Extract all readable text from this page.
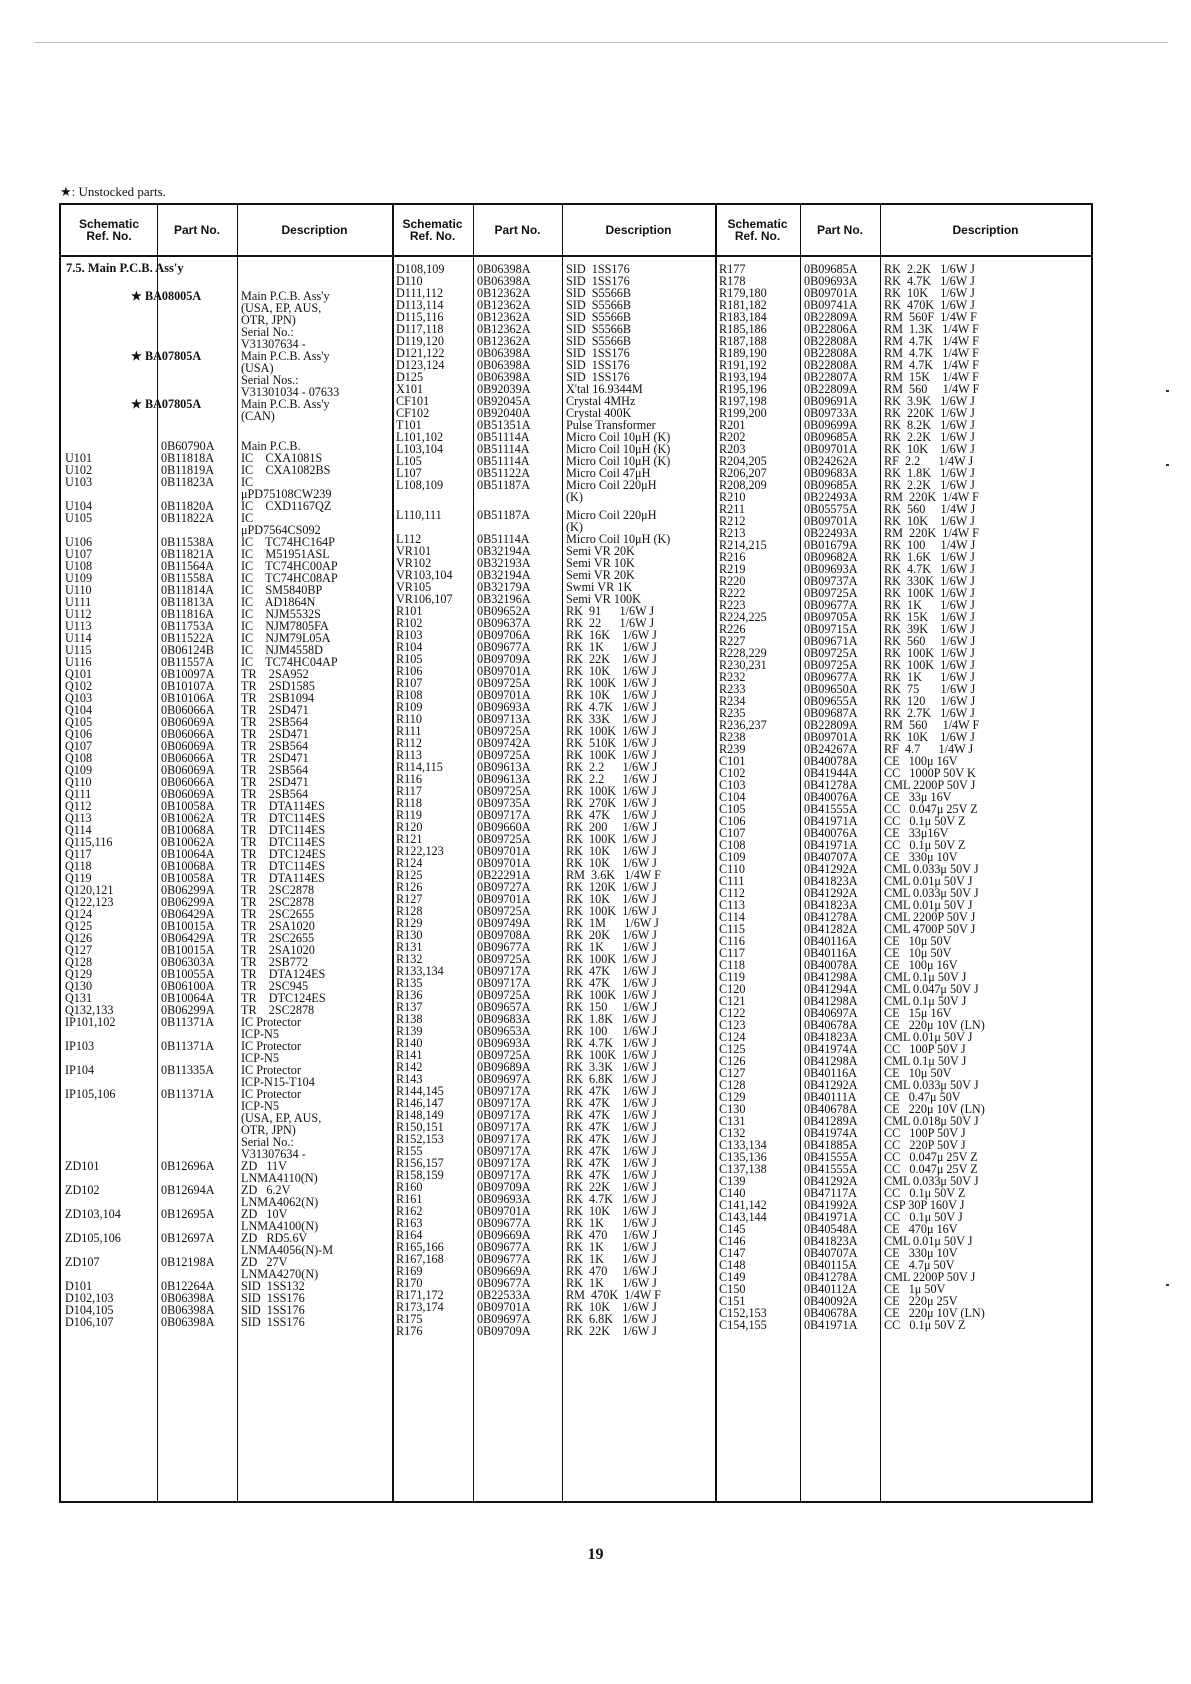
★: Unstocked parts.
Schematic
Ref. No.	Part No.	Description	Schematic
Ref. No.	Part No.	Description	Schematic
Ref. No.	Part No.	Description
7.5. Main P.C.B. Ass'y
★ BA08005A	Main P.C.B. Ass'y
(USA, EP, AUS,
OTR, JPN)
Serial No.:
V31307634 -
★ BA07805A	Main P.C.B. Ass'y
(USA)
Serial Nos.:
V31301034 - 07633
★ BA07805A	Main P.C.B. Ass'y
(CAN)
0B60790A Main P.C.B.
U101	0B11818A IC    CXA1081S
U102	0B11819A IC    CXA1082BS
U103	0B11823A IC
μPD75108CW239
U104	0B11820A IC    CXD1167QZ
U105	0B11822A IC
μPD7564CS092
U106	0B11538A IC    TC74HC164P
U107	0B11821A IC    M51951ASL
U108	0B11564A IC    TC74HC00AP
U109	0B11558A IC    TC74HC08AP
U110	0B11814A IC    SM5840BP
U111	0B11813A IC    AD1864N
U112	0B11816A IC    NJM5532S
U113	0B11753A IC    NJM7805FA
U114	0B11522A IC    NJM79L05A
U115	0B06124B IC    NJM4558D
U116	0B11557A IC    TC74HC04AP
Q101	0B10097A TR    2SA952
Q102	0B10107A TR    2SD1585
Q103	0B10106A TR    2SB1094
Q104	0B06066A TR    2SD471
Q105	0B06069A TR    2SB564
Q106	0B06066A TR    2SD471
Q107	0B06069A TR    2SB564
Q108	0B06066A TR    2SD471
Q109	0B06069A TR    2SB564
Q110	0B06066A TR    2SD471
Q111	0B06069A TR    2SB564
Q112	0B10058A TR    DTA114ES
Q113	0B10062A TR    DTC114ES
Q114	0B10068A TR    DTC114ES
Q115,116	0B10062A TR    DTC114ES
Q117	0B10064A TR    DTC124ES
Q118	0B10068A TR    DTC114ES
Q119	0B10058A TR    DTA114ES
Q120,121	0B06299A TR    2SC2878
Q122,123	0B06299A TR    2SC2878
Q124	0B06429A TR    2SC2655
Q125	0B10015A TR    2SA1020
Q126	0B06429A TR    2SC2655
Q127	0B10015A TR    2SA1020
Q128	0B06303A TR    2SB772
Q129	0B10055A TR    DTA124ES
Q130	0B06100A TR    2SC945
Q131	0B10064A TR    DTC124ES
Q132,133	0B06299A TR    2SC2878
IP101,102	0B11371A IC Protector
ICP-N5
IP103	0B11371A IC Protector
ICP-N5
IP104	0B11335A IC Protector
ICP-N15-T104
IP105,106	0B11371A IC Protector
ICP-N5
(USA, EP, AUS,
OTR, JPN)
Serial No.:
V31307634 -
ZD101	0B12696A ZD   11V
LNMA4110(N)
ZD102	0B12694A ZD   6.2V
LNMA4062(N)
ZD103,104	0B12695A ZD   10V
LNMA4100(N)
ZD105,106	0B12697A ZD   RD5.6V
LNMA4056(N)-M
ZD107	0B12198A ZD   27V
LNMA4270(N)
D101	0B12264A SID  1SS132
D102,103	0B06398A SID  1SS176
D104,105	0B06398A SID  1SS176
D106,107	0B06398A SID  1SS176
D108,109	0B06398A	SID  1SS176
D110	0B06398A	SID  1SS176
D111,112	0B12362A	SID  S5566B
D113,114	0B12362A	SID  S5566B
D115,116	0B12362A	SID  S5566B
D117,118	0B12362A	SID  S5566B
D119,120	0B12362A	SID  S5566B
D121,122	0B06398A	SID  1SS176
D123,124	0B06398A	SID  1SS176
D125	0B06398A	SID  1SS176
X101	0B92039A	X'tal 16.9344M
CF101	0B92045A	Crystal 4MHz
CF102	0B92040A	Crystal 400K
T101	0B51351A	Pulse Transformer
L101,102	0B51114A	Micro Coil 10μH (K)
L103,104	0B51114A	Micro Coil 10μH (K)
L105	0B51114A	Micro Coil 10μH (K)
L107	0B51122A	Micro Coil 47μH
L108,109	0B51187A	Micro Coil 220μH
(K)
L110,111	0B51187A	Micro Coil 220μH
(K)
L112	0B51114A	Micro Coil 10μH (K)
VR101	0B32194A	Semi VR 20K
VR102	0B32193A	Semi VR 10K
VR103,104 0B32194A	Semi VR 20K
VR105	0B32179A	Swmi VR 1K
VR106,107 0B32196A	Semi VR 100K
R101	0B09652A	RK  91      1/6W J
R102	0B09637A	RK  22      1/6W J
R103	0B09706A	RK  16K    1/6W J
R104	0B09677A	RK  1K      1/6W J
R105	0B09709A	RK  22K    1/6W J
R106	0B09701A	RK  10K    1/6W J
R107	0B09725A	RK  100K  1/6W J
R108	0B09701A	RK  10K    1/6W J
R109	0B09693A	RK  4.7K   1/6W J
R110	0B09713A	RK  33K    1/6W J
R111	0B09725A	RK  100K  1/6W J
R112	0B09742A	RK  510K  1/6W J
R113	0B09725A	RK  100K  1/6W J
R114,115	0B09613A	RK  2.2      1/6W J
R116	0B09613A	RK  2.2      1/6W J
R117	0B09725A	RK  100K  1/6W J
R118	0B09735A	RK  270K  1/6W J
R119	0B09717A	RK  47K    1/6W J
R120	0B09660A	RK  200     1/6W J
R121	0B09725A	RK  100K  1/6W J
R122,123	0B09701A	RK  10K    1/6W J
R124	0B09701A	RK  10K    1/6W J
R125	0B22291A	RM  3.6K   1/4W F
R126	0B09727A	RK  120K  1/6W J
R127	0B09701A	RK  10K    1/6W J
R128	0B09725A	RK  100K  1/6W J
R129	0B09749A	RK  1M      1/6W J
R130	0B09708A	RK  20K    1/6W J
R131	0B09677A	RK  1K      1/6W J
R132	0B09725A	RK  100K  1/6W J
R133,134	0B09717A	RK  47K    1/6W J
R135	0B09717A	RK  47K    1/6W J
R136	0B09725A	RK  100K  1/6W J
R137	0B09657A	RK  150     1/6W J
R138	0B09683A	RK  1.8K   1/6W J
R139	0B09653A	RK  100     1/6W J
R140	0B09693A	RK  4.7K   1/6W J
R141	0B09725A	RK  100K  1/6W J
R142	0B09689A	RK  3.3K   1/6W J
R143	0B09697A	RK  6.8K   1/6W J
R144,145	0B09717A	RK  47K    1/6W J
R146,147	0B09717A	RK  47K    1/6W J
R148,149	0B09717A	RK  47K    1/6W J
R150,151	0B09717A	RK  47K    1/6W J
R152,153	0B09717A	RK  47K    1/6W J
R155	0B09717A	RK  47K    1/6W J
R156,157	0B09717A	RK  47K    1/6W J
R158,159	0B09717A	RK  47K    1/6W J
R160	0B09709A	RK  22K    1/6W J
R161	0B09693A	RK  4.7K   1/6W J
R162	0B09701A	RK  10K    1/6W J
R163	0B09677A	RK  1K      1/6W J
R164	0B09669A	RK  470     1/6W J
R165,166	0B09677A	RK  1K      1/6W J
R167,168	0B09677A	RK  1K      1/6W J
R169	0B09669A	RK  470     1/6W J
R170	0B09677A	RK  1K      1/6W J
R171,172	0B22533A	RM  470K  1/4W F
R173,174	0B09701A	RK  10K    1/6W J
R175	0B09697A	RK  6.8K   1/6W J
R176	0B09709A	RK  22K    1/6W J
R177	0B09685A RK  2.2K   1/6W J
R178	0B09693A RK  4.7K   1/6W J
R179,180	0B09701A RK  10K    1/6W J
R181,182	0B09741A RK  470K  1/6W J
R183,184	0B22809A RM  560F  1/4W F
R185,186	0B22806A RM  1.3K   1/4W F
R187,188	0B22808A RM  4.7K   1/4W F
R189,190	0B22808A RM  4.7K   1/4W F
R191,192	0B22808A RM  4.7K   1/4W F
R193,194	0B22807A RM  15K    1/4W F
R195,196	0B22809A RM  560     1/4W F
R197,198	0B09691A RK  3.9K   1/6W J
R199,200	0B09733A RK  220K  1/6W J
R201	0B09699A RK  8.2K   1/6W J
R202	0B09685A RK  2.2K   1/6W J
R203	0B09701A RK  10K    1/6W J
R204,205	0B24262A RF  2.2      1/4W J
R206,207	0B09683A RK  1.8K   1/6W J
R208,209	0B09685A RK  2.2K   1/6W J
R210	0B22493A RM  220K  1/4W F
R211	0B05575A RK  560     1/4W J
R212	0B09701A RK  10K    1/6W J
R213	0B22493A RM  220K  1/4W F
R214,215	0B01679A RK  100     1/4W J
R216	0B09682A RK  1.6K   1/6W J
R219	0B09693A RK  4.7K   1/6W J
R220	0B09737A RK  330K  1/6W J
R222	0B09725A RK  100K  1/6W J
R223	0B09677A RK  1K      1/6W J
R224,225	0B09705A RK  15K    1/6W J
R226	0B09715A RK  39K    1/6W J
R227	0B09671A RK  560     1/6W J
R228,229	0B09725A RK  100K  1/6W J
R230,231	0B09725A RK  100K  1/6W J
R232	0B09677A RK  1K      1/6W J
R233	0B09650A RK  75       1/6W J
R234	0B09655A RK  120     1/6W J
R235	0B09687A RK  2.7K   1/6W J
R236,237	0B22809A RM  560     1/4W F
R238	0B09701A RK  10K    1/6W J
R239	0B24267A RF  4.7      1/4W J
C101	0B40078A CE   100μ 16V
C102	0B41944A CC   1000P 50V K
C103	0B41278A CML 2200P 50V J
C104	0B40076A CE   33μ 16V
C105	0B41555A CC   0.047μ 25V Z
C106	0B41971A CC   0.1μ 50V Z
C107	0B40076A CE   33μ16V
C108	0B41971A CC   0.1μ 50V Z
C109	0B40707A CE   330μ 10V
C110	0B41292A CML 0.033μ 50V J
C111	0B41823A CML 0.01μ 50V J
C112	0B41292A CML 0.033μ 50V J
C113	0B41823A CML 0.01μ 50V J
C114	0B41278A CML 2200P 50V J
C115	0B41282A CML 4700P 50V J
C116	0B40116A CE   10μ 50V
C117	0B40116A CE   10μ 50V
C118	0B40078A CE   100μ 16V
C119	0B41298A CML 0.1μ 50V J
C120	0B41294A CML 0.047μ 50V J
C121	0B41298A CML 0.1μ 50V J
C122	0B40697A CE   15μ 16V
C123	0B40678A CE   220μ 10V (LN)
C124	0B41823A CML 0.01μ 50V J
C125	0B41974A CC   100P 50V J
C126	0B41298A CML 0.1μ 50V J
C127	0B40116A CE   10μ 50V
C128	0B41292A CML 0.033μ 50V J
C129	0B40111A CE   0.47μ 50V
C130	0B40678A CE   220μ 10V (LN)
C131	0B41289A CML 0.018μ 50V J
C132	0B41974A CC   100P 50V J
C133,134	0B41885A CC   220P 50V J
C135,136	0B41555A CC   0.047μ 25V Z
C137,138	0B41555A CC   0.047μ 25V Z
C139	0B41292A CML 0.033μ 50V J
C140	0B47117A CC   0.1μ 50V Z
C141,142	0B41992A CSP 30P 160V J
C143,144	0B41971A CC   0.1μ 50V J
C145	0B40548A CE   470μ 16V
C146	0B41823A CML 0.01μ 50V J
C147	0B40707A CE   330μ 10V
C148	0B40115A CE   4.7μ 50V
C149	0B41278A CML 2200P 50V J
C150	0B40112A CE   1μ 50V
C151	0B40092A CE   220μ 25V
C152,153	0B40678A CE   220μ 10V (LN)
C154,155	0B41971A CC   0.1μ 50V Z
19
